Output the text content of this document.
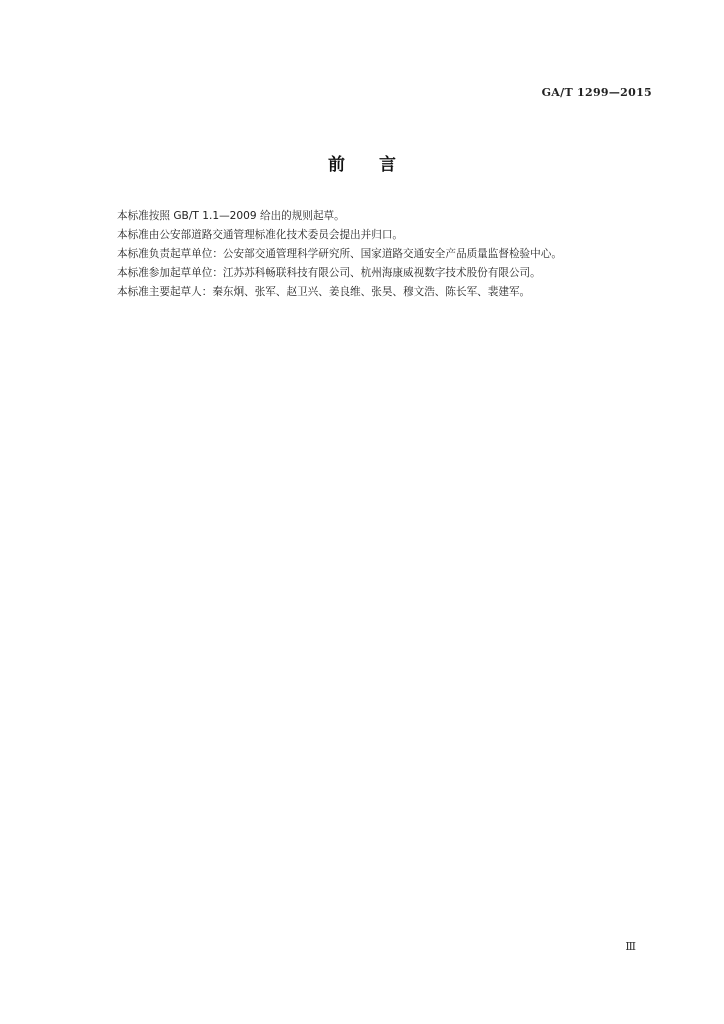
GA/T 1299—2015
前 言
本标准按照 GB/T 1.1—2009 给出的规则起草。
本标准由公安部道路交通管理标准化技术委员会提出并归口。
本标准负责起草单位：公安部交通管理科学研究所、国家道路交通安全产品质量监督检验中心。
本标准参加起草单位：江苏苏科畅联科技有限公司、杭州海康威视数字技术股份有限公司。
本标准主要起草人：秦东炯、张军、赵卫兴、姜良维、张昊、穆文浩、陈长军、裴建军。
Ⅲ
